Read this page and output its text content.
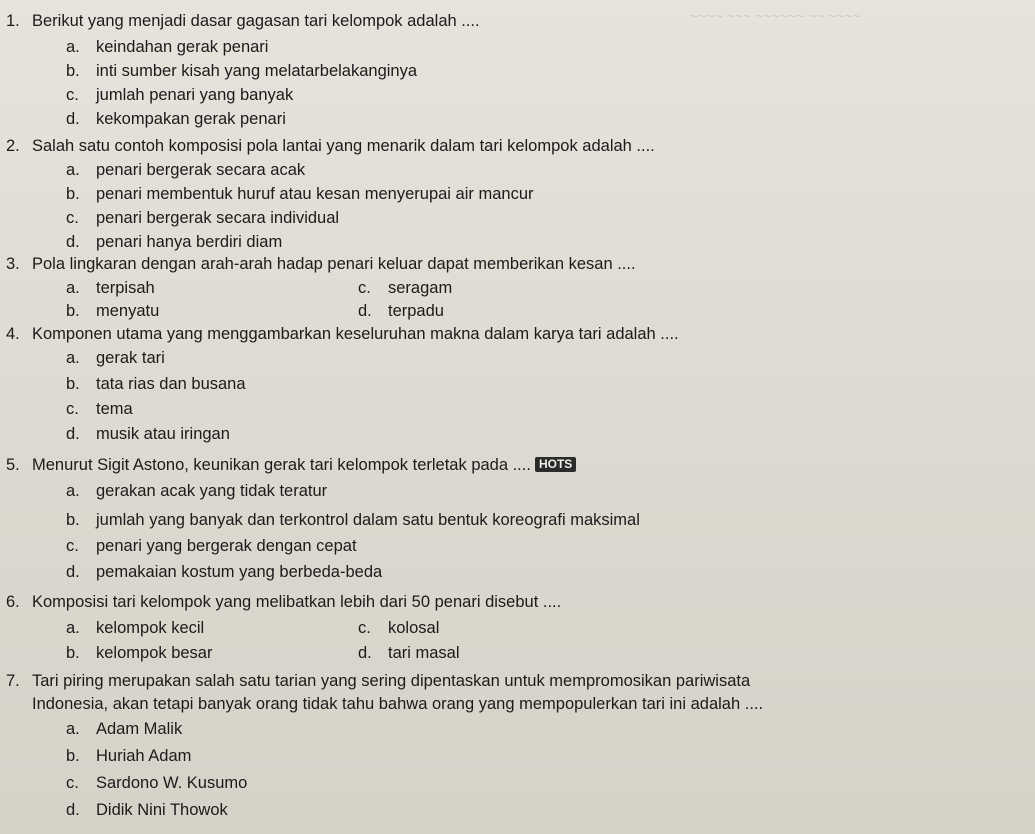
~~~~ ~~~ ~~~~~~ ~~ ~~~~
1. Berikut yang menjadi dasar gagasan tari kelompok adalah ....
a. keindahan gerak penari
b. inti sumber kisah yang melatarbelakanginya
c. jumlah penari yang banyak
d. kekompakan gerak penari
2. Salah satu contoh komposisi pola lantai yang menarik dalam tari kelompok adalah ....
a. penari bergerak secara acak
b. penari membentuk huruf atau kesan menyerupai air mancur
c. penari bergerak secara individual
d. penari hanya berdiri diam
3. Pola lingkaran dengan arah-arah hadap penari keluar dapat memberikan kesan ....
a. terpisah	c. seragam
b. menyatu	d. terpadu
4. Komponen utama yang menggambarkan keseluruhan makna dalam karya tari adalah ....
a. gerak tari
b. tata rias dan busana
c. tema
d. musik atau iringan
5. Menurut Sigit Astono, keunikan gerak tari kelompok terletak pada .... HOTS
a. gerakan acak yang tidak teratur
b. jumlah yang banyak dan terkontrol dalam satu bentuk koreografi maksimal
c. penari yang bergerak dengan cepat
d. pemakaian kostum yang berbeda-beda
6. Komposisi tari kelompok yang melibatkan lebih dari 50 penari disebut ....
a. kelompok kecil	c. kolosal
b. kelompok besar	d. tari masal
7. Tari piring merupakan salah satu tarian yang sering dipentaskan untuk mempromosikan pariwisata
Indonesia, akan tetapi banyak orang tidak tahu bahwa orang yang mempopulerkan tari ini adalah ....
a. Adam Malik
b. Huriah Adam
c. Sardono W. Kusumo
d. Didik Nini Thowok
